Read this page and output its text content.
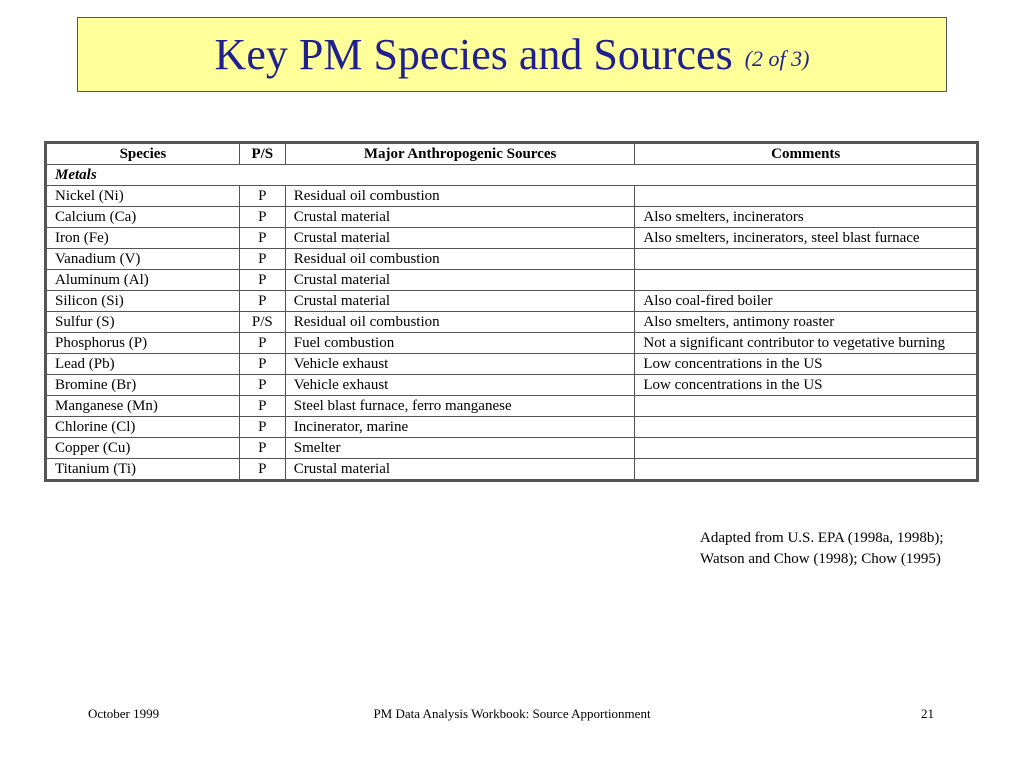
Key PM Species and Sources (2 of 3)
Species	P/S	Major Anthropogenic Sources	Comments
Metals			
Nickel (Ni)	P	Residual oil combustion	
Calcium (Ca)	P	Crustal material	Also smelters, incinerators
Iron (Fe)	P	Crustal material	Also smelters, incinerators, steel blast furnace
Vanadium (V)	P	Residual oil combustion	
Aluminum (Al)	P	Crustal material	
Silicon (Si)	P	Crustal material	Also coal-fired boiler
Sulfur (S)	P/S	Residual oil combustion	Also smelters, antimony roaster
Phosphorus (P)	P	Fuel combustion	Not a significant contributor to vegetative burning
Lead (Pb)	P	Vehicle exhaust	Low concentrations in the US
Bromine (Br)	P	Vehicle exhaust	Low concentrations in the US
Manganese (Mn)	P	Steel blast furnace, ferro manganese	
Chlorine (Cl)	P	Incinerator, marine	
Copper (Cu)	P	Smelter	
Titanium (Ti)	P	Crustal material	
Adapted from U.S. EPA (1998a, 1998b);
Watson and Chow (1998); Chow (1995)
October 1999	PM Data Analysis Workbook: Source Apportionment	21
